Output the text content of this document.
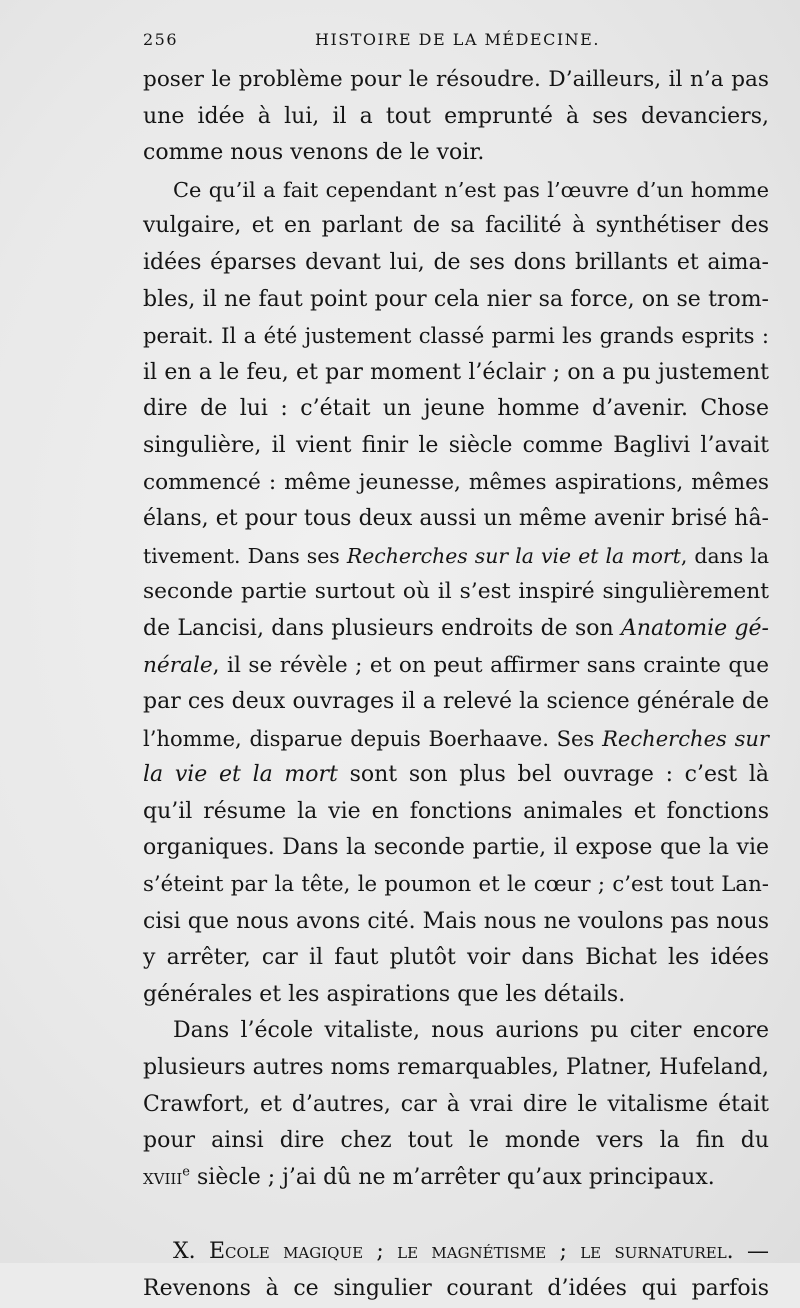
256	HISTOIRE DE LA MÉDECINE.
poser le problème pour le résoudre. D’ailleurs, il n’a pas
une idée à lui, il a tout emprunté à ses devanciers,
comme nous venons de le voir.
Ce qu’il a fait cependant n’est pas l’œuvre d’un homme
vulgaire, et en parlant de sa facilité à synthétiser des
idées éparses devant lui, de ses dons brillants et aima-
bles, il ne faut point pour cela nier sa force, on se trom-
perait. Il a été justement classé parmi les grands esprits :
il en a le feu, et par moment l’éclair ; on a pu justement
dire de lui : c’était un jeune homme d’avenir. Chose
singulière, il vient finir le siècle comme Baglivi l’avait
commencé : même jeunesse, mêmes aspirations, mêmes
élans, et pour tous deux aussi un même avenir brisé hâ-
tivement. Dans ses Recherches sur la vie et la mort, dans la
seconde partie surtout où il s’est inspiré singulièrement
de Lancisi, dans plusieurs endroits de son Anatomie gé-
nérale, il se révèle ; et on peut affirmer sans crainte que
par ces deux ouvrages il a relevé la science générale de
l’homme, disparue depuis Boerhaave. Ses Recherches sur
la vie et la mort sont son plus bel ouvrage : c’est là
qu’il résume la vie en fonctions animales et fonctions
organiques. Dans la seconde partie, il expose que la vie
s’éteint par la tête, le poumon et le cœur ; c’est tout Lan-
cisi que nous avons cité. Mais nous ne voulons pas nous
y arrêter, car il faut plutôt voir dans Bichat les idées
générales et les aspirations que les détails.
Dans l’école vitaliste, nous aurions pu citer encore
plusieurs autres noms remarquables, Platner, Hufeland,
Crawfort, et d’autres, car à vrai dire le vitalisme était
pour ainsi dire chez tout le monde vers la fin du
xviii$^e$ siècle ; j’ai dû ne m’arrêter qu’aux principaux.
X. Ecole magique ; le magnétisme ; le surnaturel. —
Revenons à ce singulier courant d’idées qui parfois
